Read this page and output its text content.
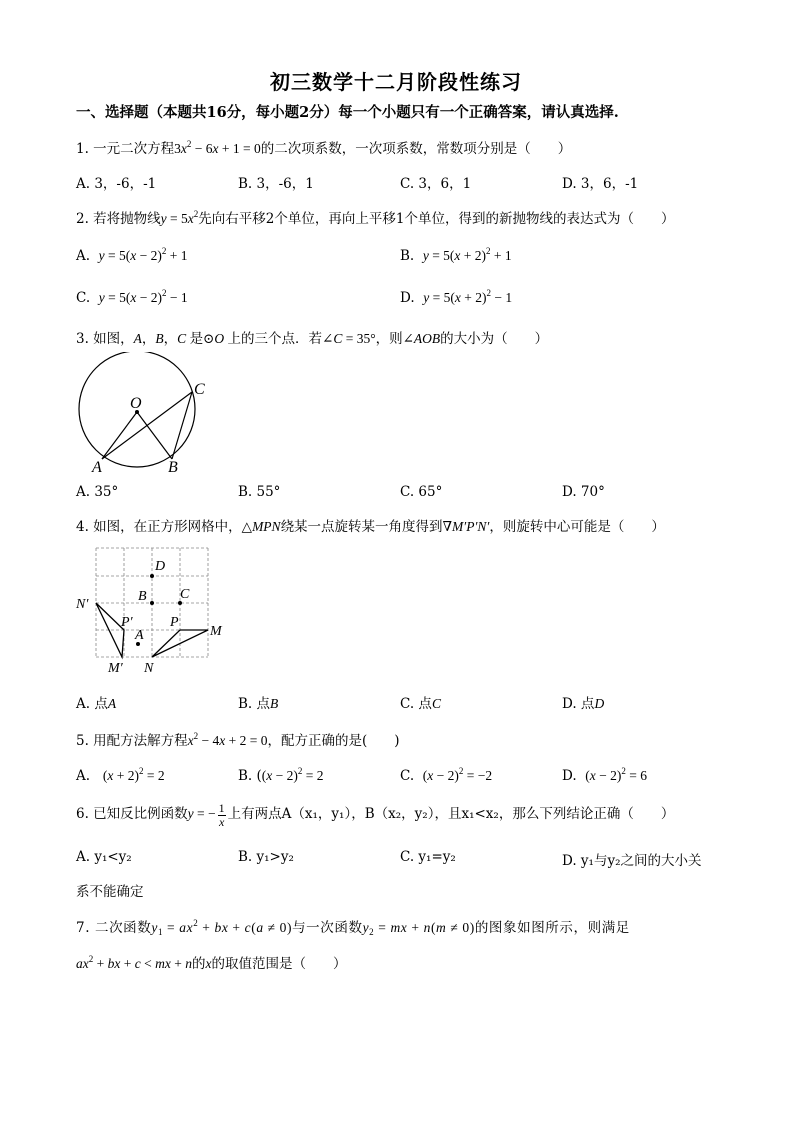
初三数学十二月阶段性练习
一、选择题（本题共16分，每小题2分）每一个小题只有一个正确答案，请认真选择.
1. 一元二次方程$3x^2 - 6x + 1 = 0$的二次项系数，一次项系数，常数项分别是（　　）
A. 3，-6，-1	B. 3，-6，1	C. 3，6，1	D. 3，6，-1
2. 若将抛物线$y = 5x^2$先向右平移2个单位，再向上平移1个单位，得到的新抛物线的表达式为（　　）
A. $y = 5(x - 2)^2 + 1$	B. $y = 5(x + 2)^2 + 1$
C. $y = 5(x - 2)^2 - 1$	D. $y = 5(x + 2)^2 - 1$
3. 如图，A，B，C 是⊙O 上的三个点．若∠C = 35°，则∠AOB的大小为（　　）
O
C
A	B
A. 35°	B. 55°	C. 65°	D. 70°
4. 如图，在正方形网格中，△MPN绕某一点旋转某一角度得到∇M′P′N′，则旋转中心可能是（　　）
D
N′
B C
P′
A
P
M
M′ N
A. 点A	B. 点B	C. 点C	D. 点D
5. 用配方法解方程$x^2 - 4x + 2 = 0$，配方正确的是(　　)
A. $(x + 2)^2 = 2$	B. ($(x - 2)^2 = 2$	C. $(x - 2)^2 = -2$	D. $(x - 2)^2 = 6$
6. 已知反比例函数y = − $\frac{1}{x}$ 上有两点A（x₁，y₁），B（x₂，y₂），且x₁<x₂，那么下列结论正确（　　）
A. y₁<y₂	B. y₁>y₂	C. y₁=y₂	D. y₁与y₂之间的大小关
系不能确定
7. 二次函数$y_1 = ax^2$ + bx + c(a ≠ 0)与一次函数$y_2$ = mx + n(m ≠ 0)的图象如图所示，则满足
$ax^2$ + bx + c < mx + n的x的取值范围是（　　）
